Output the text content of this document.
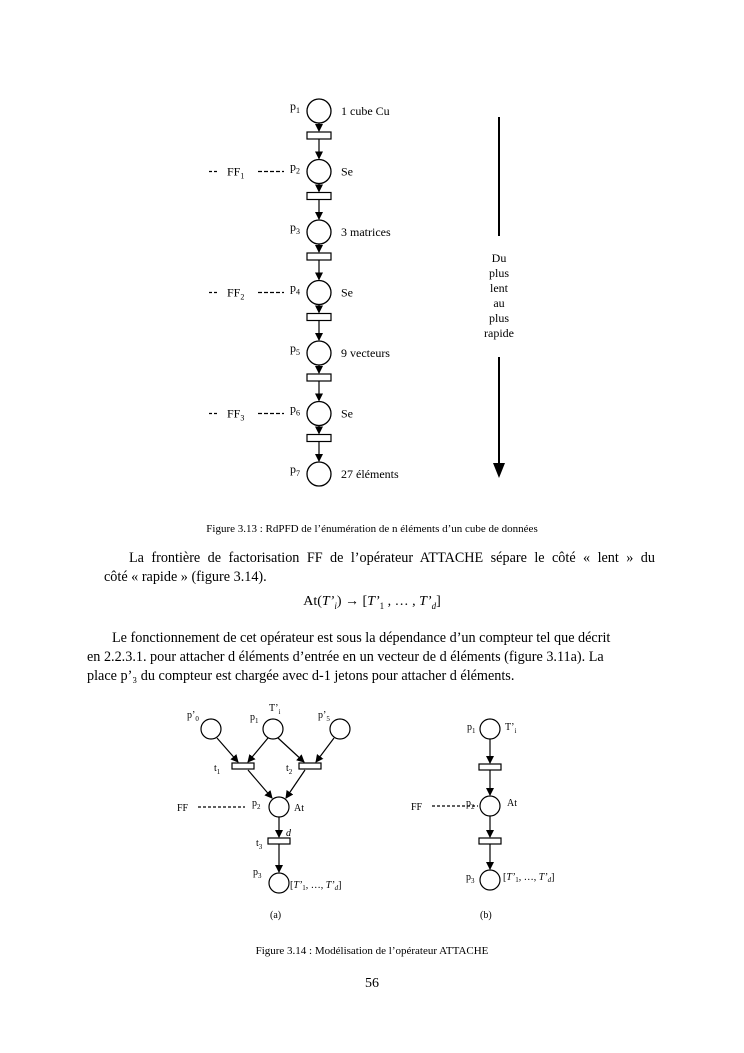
$p_1$	1 cube Cu
$p_2$	Se
$FF_1$
$p_3$	3 matrices
$p_4$	Se
$FF_2$
$p_5$	9 vecteurs
$p_6$	Se
$FF_3$
$p_7$	27 éléments
Du
plus
lent
au
plus
rapide
Figure 3.13 : RdPFD de l’énumération de n éléments d’un cube de données
La frontière de factorisation FF de l’opérateur ATTACHE sépare le côté « lent » du
côté « rapide » (figure 3.14).
$At(T’_i)$ → [$T’_1$ , … , $T’_d$]
Le fonctionnement de cet opérateur est sous la dépendance d’un compteur tel que décrit
en 2.2.3.1. pour attacher d éléments d’entrée en un vecteur de d éléments (figure 3.11a). La
place p’₃ du compteur est chargée avec d-1 jetons pour attacher d éléments.
$p’_0$	$p_1$
$T’_i$	$p’_5$
$t_1$	$t_2$
FF	$p_2$	At
d
$t_3$
$p_3$
[$T’_1$, …, $T’_d$]
(a)
$p_1$	$T’_i$
FF	$p_2$	At
$p_3$	[$T’_1$, …, $T’_d$]
(b)
Figure 3.14 : Modélisation de l’opérateur ATTACHE
56
